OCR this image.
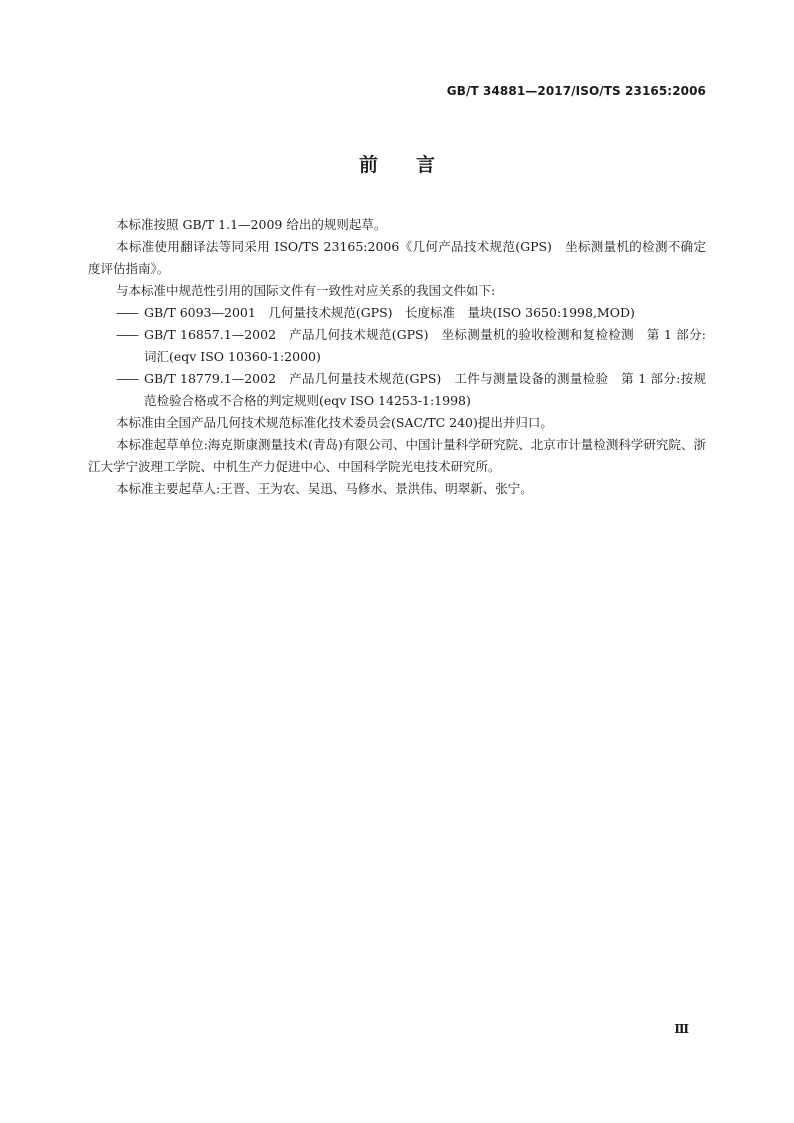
GB/T 34881—2017/ISO/TS 23165:2006
前言

本标准按照 GB/T 1.1—2009 给出的规则起草。

本标准使用翻译法等同采用 ISO/TS 23165:2006《几何产品技术规范(GPS)　坐标测量机的检测不确定度评估指南》。

与本标准中规范性引用的国际文件有一致性对应关系的我国文件如下:

—— GB/T 6093—2001　几何量技术规范(GPS)　长度标准　量块(ISO 3650:1998,MOD)

—— GB/T 16857.1—2002　产品几何技术规范(GPS)　坐标测量机的验收检测和复检检测　第 1 部分:词汇(eqv ISO 10360-1:2000)

—— GB/T 18779.1—2002　产品几何量技术规范(GPS)　工件与测量设备的测量检验　第 1 部分:按规范检验合格或不合格的判定规则(eqv ISO 14253-1:1998)

本标准由全国产品几何技术规范标准化技术委员会(SAC/TC 240)提出并归口。

本标准起草单位:海克斯康测量技术(青岛)有限公司、中国计量科学研究院、北京市计量检测科学研究院、浙江大学宁波理工学院、中机生产力促进中心、中国科学院光电技术研究所。

本标准主要起草人:王晋、王为农、吴迅、马修水、景洪伟、明翠新、张宁。

Ⅲ
